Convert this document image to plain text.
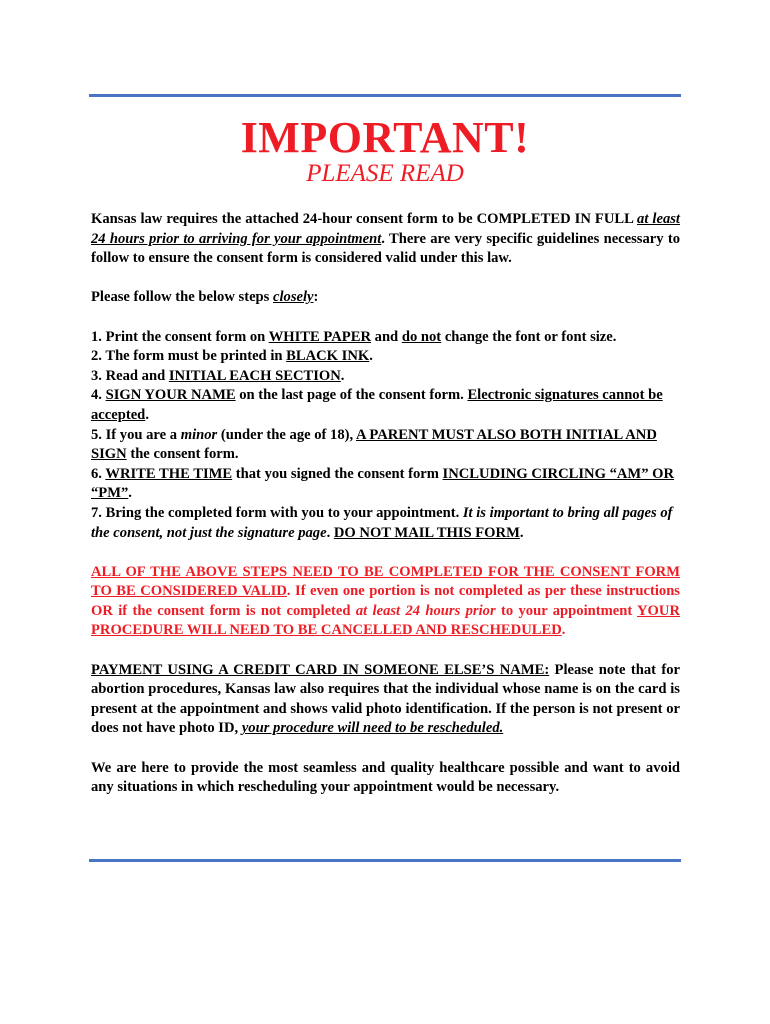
IMPORTANT!
PLEASE READ

Kansas law requires the attached 24-hour consent form to be COMPLETED IN FULL at least 24 hours prior to arriving for your appointment. There are very specific guidelines necessary to follow to ensure the consent form is considered valid under this law.

Please follow the below steps closely:

1. Print the consent form on WHITE PAPER and do not change the font or font size.
2. The form must be printed in BLACK INK.
3. Read and INITIAL EACH SECTION.
4. SIGN YOUR NAME on the last page of the consent form. Electronic signatures cannot be accepted.
5. If you are a minor (under the age of 18), A PARENT MUST ALSO BOTH INITIAL AND SIGN the consent form.
6. WRITE THE TIME that you signed the consent form INCLUDING CIRCLING “AM” OR “PM”.
7. Bring the completed form with you to your appointment. It is important to bring all pages of the consent, not just the signature page. DO NOT MAIL THIS FORM.

ALL OF THE ABOVE STEPS NEED TO BE COMPLETED FOR THE CONSENT FORM TO BE CONSIDERED VALID. If even one portion is not completed as per these instructions OR if the consent form is not completed at least 24 hours prior to your appointment YOUR PROCEDURE WILL NEED TO BE CANCELLED AND RESCHEDULED.

PAYMENT USING A CREDIT CARD IN SOMEONE ELSE’S NAME: Please note that for abortion procedures, Kansas law also requires that the individual whose name is on the card is present at the appointment and shows valid photo identification. If the person is not present or does not have photo ID, your procedure will need to be rescheduled.

We are here to provide the most seamless and quality healthcare possible and want to avoid any situations in which rescheduling your appointment would be necessary.
